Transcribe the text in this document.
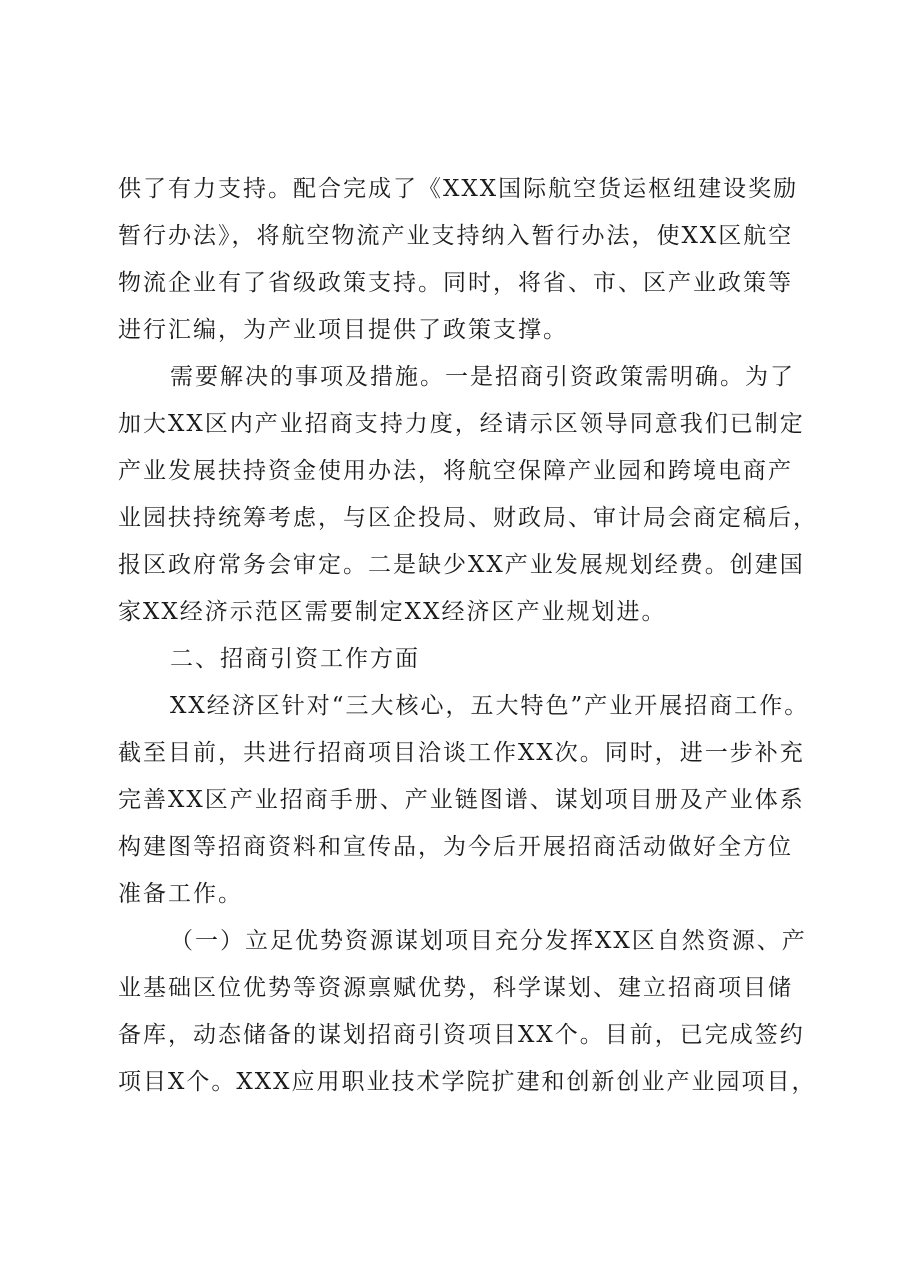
供了有力支持。配合完成了《XXX国际航空货运枢纽建设奖励
暂行办法》，将航空物流产业支持纳入暂行办法，使XX区航空
物流企业有了省级政策支持。同时，将省、市、区产业政策等
进行汇编，为产业项目提供了政策支撑。
需要解决的事项及措施。一是招商引资政策需明确。为了
加大XX区内产业招商支持力度，经请示区领导同意我们已制定
产业发展扶持资金使用办法，将航空保障产业园和跨境电商产
业园扶持统筹考虑，与区企投局、财政局、审计局会商定稿后，
报区政府常务会审定。二是缺少XX产业发展规划经费。创建国
家XX经济示范区需要制定XX经济区产业规划进。
二、招商引资工作方面
XX经济区针对“三大核心，五大特色”产业开展招商工作。
截至目前，共进行招商项目洽谈工作XX次。同时，进一步补充
完善XX区产业招商手册、产业链图谱、谋划项目册及产业体系
构建图等招商资料和宣传品，为今后开展招商活动做好全方位
准备工作。
（一）立足优势资源谋划项目充分发挥XX区自然资源、产
业基础区位优势等资源禀赋优势，科学谋划、建立招商项目储
备库，动态储备的谋划招商引资项目XX个。目前，已完成签约
项目X个。XXX应用职业技术学院扩建和创新创业产业园项目，
